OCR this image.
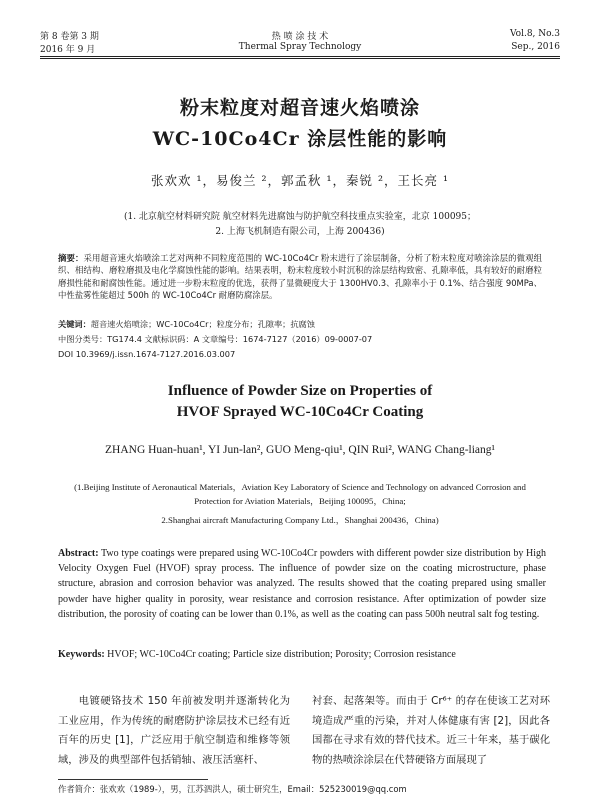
第 8 卷第 3 期	热 喷 涂 技 术	Vol.8, No.3
2016 年 9 月	Thermal Spray Technology	Sep., 2016
粉末粒度对超音速火焰喷涂
WC-10Co4Cr 涂层性能的影响
张欢欢 ¹，易俊兰 ²，郭孟秋 ¹，秦锐 ²，王长亮 ¹
(1. 北京航空材料研究院 航空材料先进腐蚀与防护航空科技重点实验室，北京 100095；
2. 上海飞机制造有限公司，上海 200436)
摘要：采用超音速火焰喷涂工艺对两种不同粒度范围的 WC-10Co4Cr 粉末进行了涂层制备，分析了粉末粒度对喷涂涂层的微观组织、相结构、磨粒磨损及电化学腐蚀性能的影响。结果表明，粉末粒度较小时沉积的涂层结构致密、孔隙率低，具有较好的耐磨粒磨损性能和耐腐蚀性能。通过进一步粉末粒度的优选，获得了显微硬度大于 1300HV0.3、孔隙率小于 0.1%、结合强度 90MPa、中性盐雾性能超过 500h 的 WC-10Co4Cr 耐磨防腐涂层。
关键词：超音速火焰喷涂；WC-10Co4Cr；粒度分布；孔隙率；抗腐蚀
中图分类号：TG174.4 文献标识码：A 文章编号：1674-7127（2016）09-0007-07
DOI 10.3969/j.issn.1674-7127.2016.03.007
Influence of Powder Size on Properties of
HVOF Sprayed WC-10Co4Cr Coating
ZHANG Huan-huan¹, YI Jun-lan², GUO Meng-qiu¹, QIN Rui², WANG Chang-liang¹
(1.Beijing Institute of Aeronautical Materials，Aviation Key Laboratory of Science and Technology on advanced Corrosion and
Protection for Aviation Materials，Beijing 100095，China;
2.Shanghai aircraft Manufacturing Company Ltd.，Shanghai 200436，China)
Abstract: Two type coatings were prepared using WC-10Co4Cr powders with different powder size distribution by High Velocity Oxygen Fuel (HVOF) spray process. The influence of powder size on the coating microstructure, phase structure, abrasion and corrosion behavior was analyzed. The results showed that the coating prepared using smaller powder have higher quality in porosity, wear resistance and corrosion resistance. After optimization of powder size distribution, the porosity of coating can be lower than 0.1%, as well as the coating can pass 500h neutral salt fog testing.
Keywords: HVOF; WC-10Co4Cr coating; Particle size distribution; Porosity; Corrosion resistance
电镀硬铬技术 150 年前被发明并逐渐转化为工业应用，作为传统的耐磨防护涂层技术已经有近百年的历史 [1]，广泛应用于航空制造和维修等领域，涉及的典型部件包括销轴、液压活塞杆、
衬套、起落架等。而由于 Cr⁶⁺ 的存在使该工艺对环境造成严重的污染，并对人体健康有害 [2]，因此各国都在寻求有效的替代技术。近三十年来，基于碳化物的热喷涂涂层在代替硬铬方面展现了
作者简介：张欢欢（1989-），男，江苏泗洪人，硕士研究生，Email：525230019@qq.com
